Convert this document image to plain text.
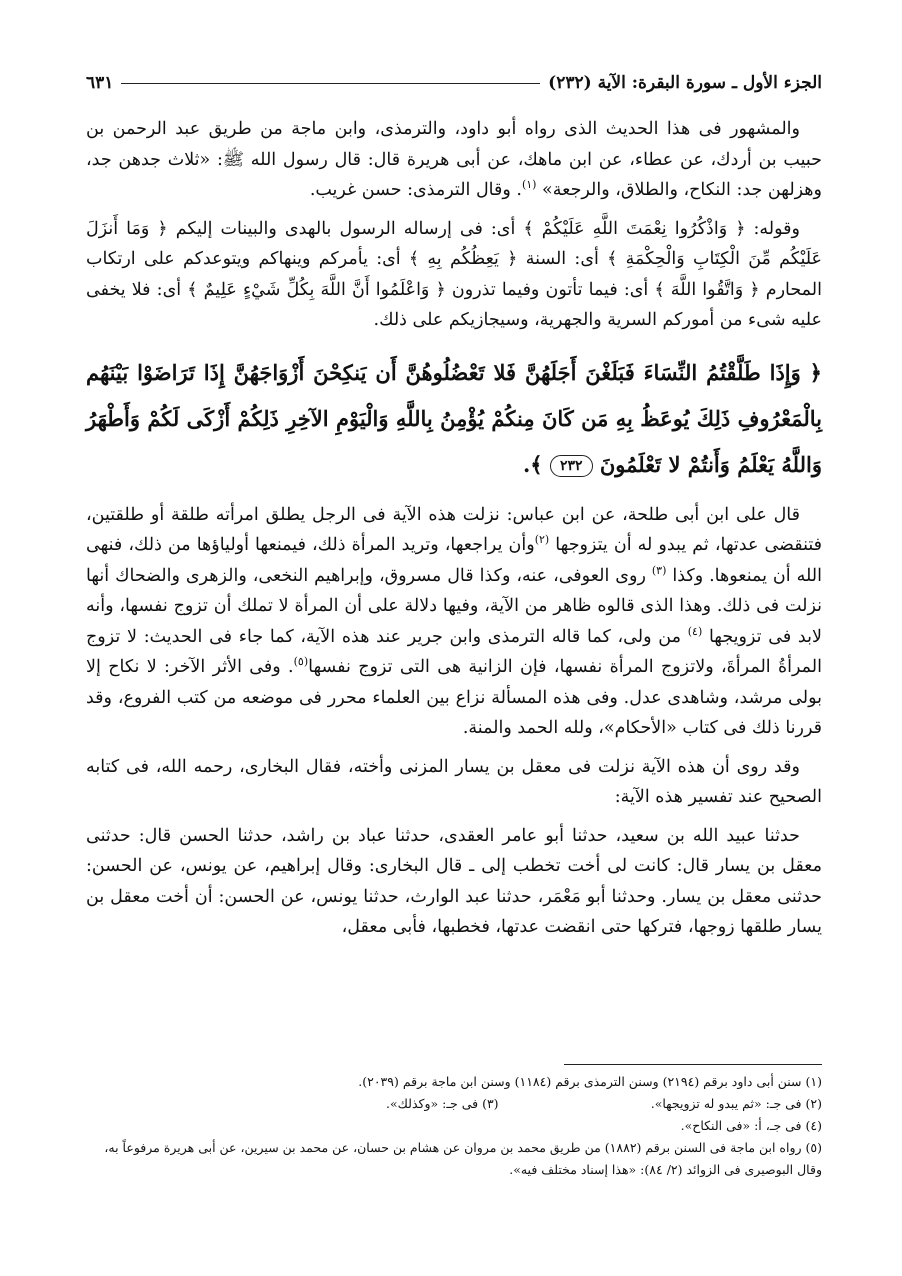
الجزء الأول ـ سورة البقرة: الآية (٢٣٢)
٦٣١

والمشهور فى هذا الحديث الذى رواه أبو داود، والترمذى، وابن ماجة من طريق عبد الرحمن بن حبيب بن أردك، عن عطاء، عن ابن ماهك، عن أبى هريرة قال: قال رسول الله ﷺ: «ثلاث جدهن جد، وهزلهن جد: النكاح، والطلاق، والرجعة» $^{(١)}$. وقال الترمذى: حسن غريب.

وقوله: ﴿ وَاذْكُرُوا نِعْمَتَ اللَّهِ عَلَيْكُمْ ﴾ أى: فى إرساله الرسول بالهدى والبينات إليكم ﴿ وَمَا أَنزَلَ عَلَيْكُم مِّنَ الْكِتَابِ وَالْحِكْمَةِ ﴾ أى: السنة ﴿ يَعِظُكُم بِهِ ﴾ أى: يأمركم وينهاكم ويتوعدكم على ارتكاب المحارم ﴿ وَاتَّقُوا اللَّهَ ﴾ أى: فيما تأتون وفيما تذرون ﴿ وَاعْلَمُوا أَنَّ اللَّهَ بِكُلِّ شَيْءٍ عَلِيمٌ ﴾ أى: فلا يخفى عليه شىء من أموركم السرية والجهرية، وسيجازيكم على ذلك.

﴿ وَإِذَا طَلَّقْتُمُ النِّسَاءَ فَبَلَغْنَ أَجَلَهُنَّ فَلا تَعْضُلُوهُنَّ أَن يَنكِحْنَ أَزْوَاجَهُنَّ إِذَا تَرَاضَوْا بَيْنَهُم بِالْمَعْرُوفِ ذَلِكَ يُوعَظُ بِهِ مَن كَانَ مِنكُمْ يُؤْمِنُ بِاللَّهِ وَالْيَوْمِ الآخِرِ ذَلِكُمْ أَزْكَى لَكُمْ وَأَطْهَرُ وَاللَّهُ يَعْلَمُ وَأَنتُمْ لا تَعْلَمُونَ ٢٣٢ ﴾.

قال على ابن أبى طلحة، عن ابن عباس: نزلت هذه الآية فى الرجل يطلق امرأته طلقة أو طلقتين، فتنقضى عدتها، ثم يبدو له أن يتزوجها $^{(٢)}$وأن يراجعها، وتريد المرأة ذلك، فيمنعها أولياؤها من ذلك، فنهى الله أن يمنعوها. وكذا $^{(٣)}$ روى العوفى، عنه، وكذا قال مسروق، وإبراهيم النخعى، والزهرى والضحاك أنها نزلت فى ذلك. وهذا الذى قالوه ظاهر من الآية، وفيها دلالة على أن المرأة لا تملك أن تزوج نفسها، وأنه لابد فى تزويجها $^{(٤)}$ من ولى، كما قاله الترمذى وابن جرير عند هذه الآية، كما جاء فى الحديث: لا تزوج المرأةُ المرأةَ، ولاتزوج المرأة نفسها، فإن الزانية هى التى تزوج نفسها$^{(٥)}$. وفى الأثر الآخر: لا نكاح إلا بولى مرشد، وشاهدى عدل. وفى هذه المسألة نزاع بين العلماء محرر فى موضعه من كتب الفروع، وقد قررنا ذلك فى كتاب «الأحكام»، ولله الحمد والمنة.

وقد روى أن هذه الآية نزلت فى معقل بن يسار المزنى وأخته، فقال البخارى، رحمه الله، فى كتابه الصحيح عند تفسير هذه الآية:

حدثنا عبيد الله بن سعيد، حدثنا أبو عامر العقدى، حدثنا عباد بن راشد، حدثنا الحسن قال: حدثنى معقل بن يسار قال: كانت لى أخت تخطب إلى ـ قال البخارى: وقال إبراهيم، عن يونس، عن الحسن: حدثنى معقل بن يسار. وحدثنا أبو مَعْمَر، حدثنا عبد الوارث، حدثنا يونس، عن الحسن: أن أخت معقل بن يسار طلقها زوجها، فتركها حتى انقضت عدتها، فخطبها، فأبى معقل،

(١) سنن أبى داود برقم (٢١٩٤) وسنن الترمذى برقم (١١٨٤) وسنن ابن ماجة برقم (٢٠٣٩).
(٢) فى جـ: «ثم يبدو له تزويجها».
(٣) فى جـ: «وكذلك».
(٤) فى جـ، أ: «فى النكاح».
(٥) رواه ابن ماجة فى السنن برقم (١٨٨٢) من طريق محمد بن مروان عن هشام بن حسان، عن محمد بن سيرين، عن أبى هريرة مرفوعاً به، وقال البوصيرى فى الزوائد (٢/ ٨٤): «هذا إسناد مختلف فيه».
